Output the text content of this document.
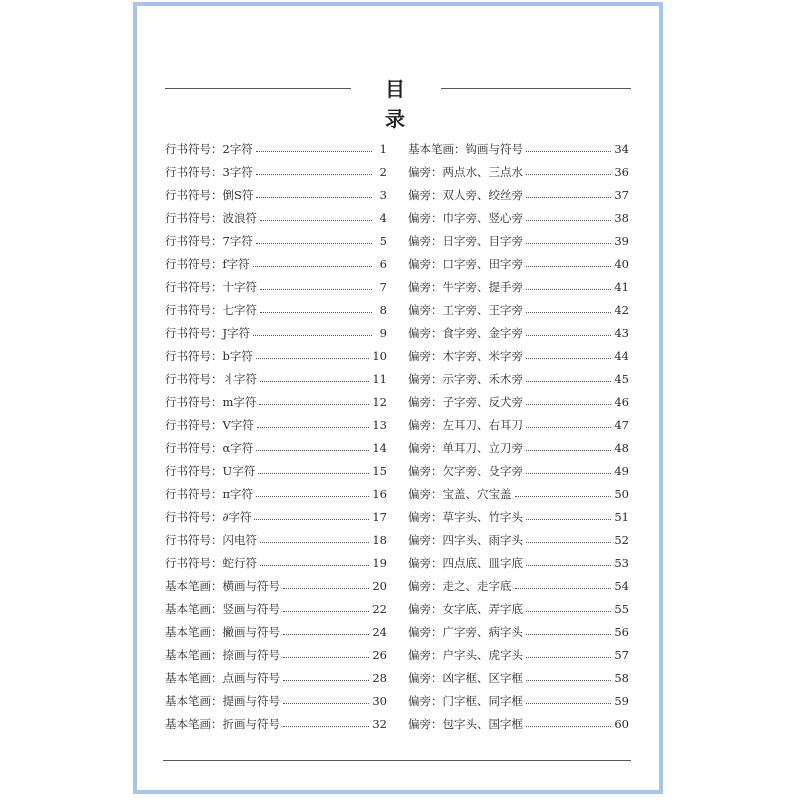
目 录
行书符号：2字符	1
行书符号：3字符	2
行书符号：倒S符	3
行书符号：波浪符	4
行书符号：7字符	5
行书符号：f字符	6
行书符号：十字符	7
行书符号：七字符	8
行书符号：J字符	9
行书符号：b字符	10
行书符号：丬字符	11
行书符号：m字符	12
行书符号：V字符	13
行书符号：α字符	14
行书符号：U字符	15
行书符号：π字符	16
行书符号：∂字符	17
行书符号：闪电符	18
行书符号：蛇行符	19
基本笔画：横画与符号	20
基本笔画：竖画与符号	22
基本笔画：撇画与符号	24
基本笔画：捺画与符号	26
基本笔画：点画与符号	28
基本笔画：提画与符号	30
基本笔画：折画与符号	32
基本笔画：钩画与符号	34
偏旁：两点水、三点水	36
偏旁：双人旁、绞丝旁	37
偏旁：巾字旁、竖心旁	38
偏旁：日字旁、目字旁	39
偏旁：口字旁、田字旁	40
偏旁：牛字旁、提手旁	41
偏旁：工字旁、王字旁	42
偏旁：食字旁、金字旁	43
偏旁：木字旁、米字旁	44
偏旁：示字旁、禾木旁	45
偏旁：子字旁、反犬旁	46
偏旁：左耳刀、右耳刀	47
偏旁：单耳刀、立刀旁	48
偏旁：欠字旁、殳字旁	49
偏旁：宝盖、穴宝盖	50
偏旁：草字头、竹字头	51
偏旁：四字头、雨字头	52
偏旁：四点底、皿字底	53
偏旁：走之、走字底	54
偏旁：女字底、弄字底	55
偏旁：广字旁、病字头	56
偏旁：户字头、虎字头	57
偏旁：凶字框、区字框	58
偏旁：门字框、同字框	59
偏旁：包字头、国字框	60
